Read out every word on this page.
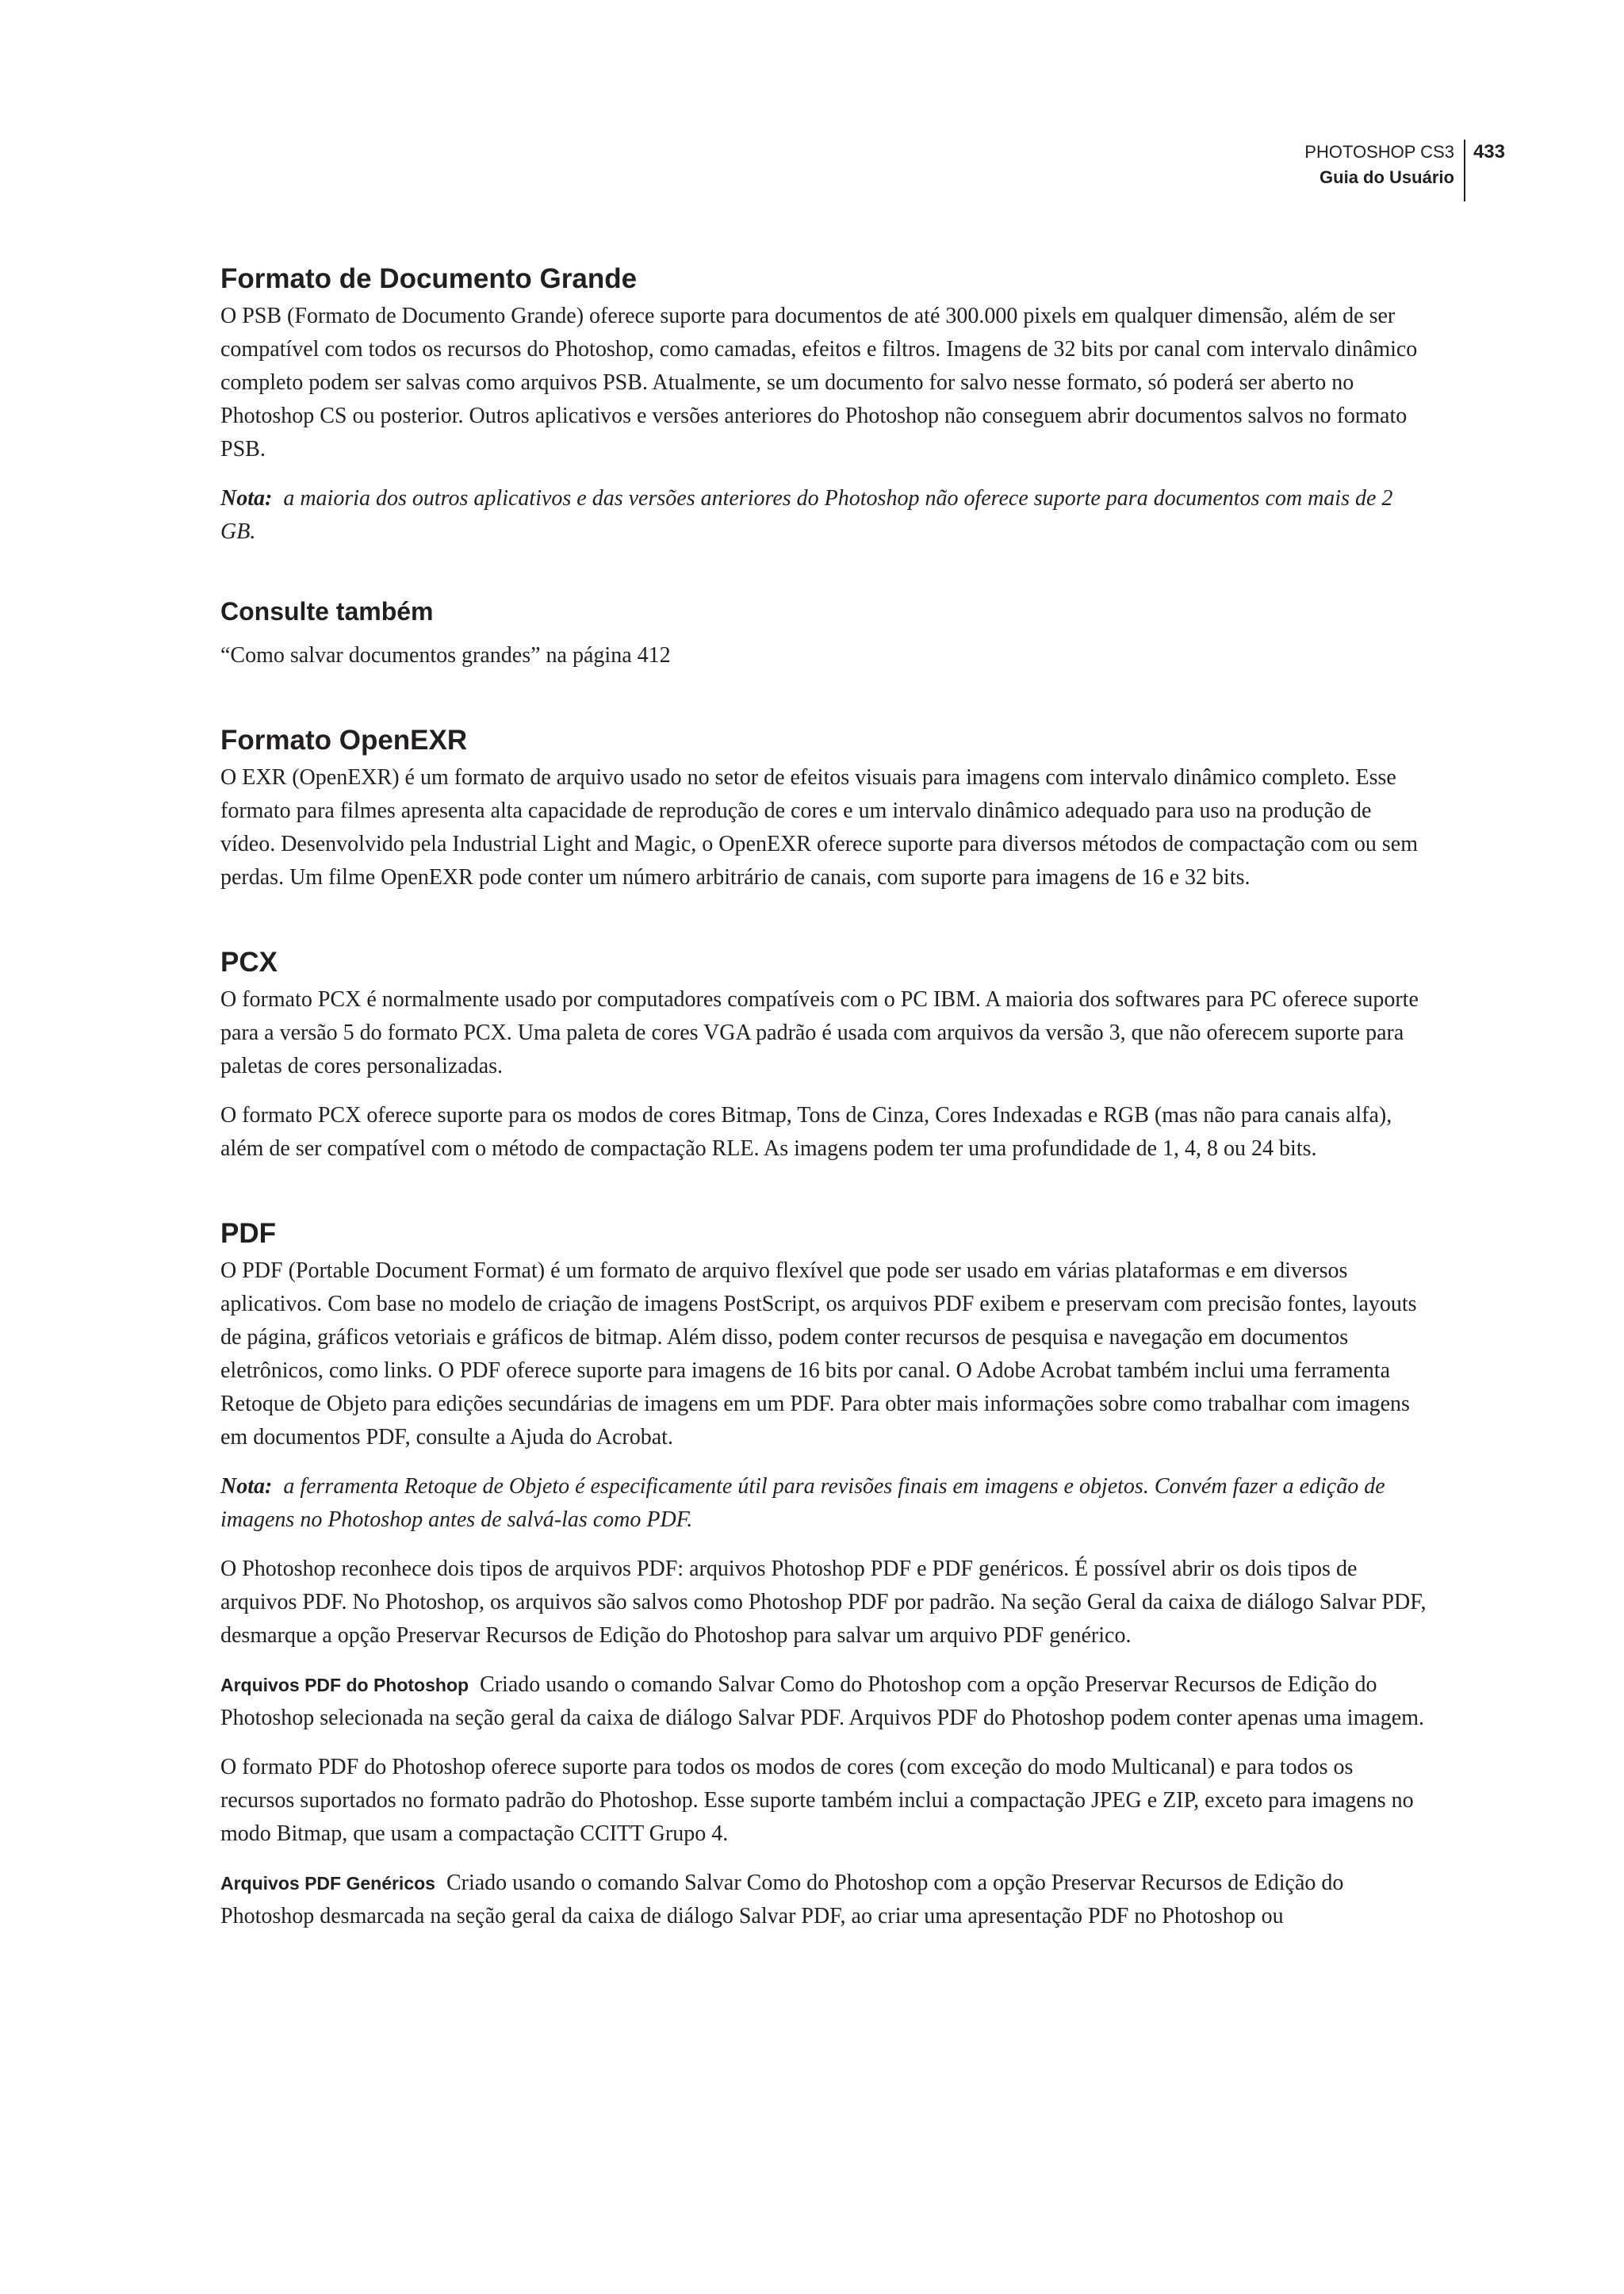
PHOTOSHOP CS3
Guia do Usuário
433
Formato de Documento Grande

O PSB (Formato de Documento Grande) oferece suporte para documentos de até 300.000 pixels em qualquer dimensão, além de ser compatível com todos os recursos do Photoshop, como camadas, efeitos e filtros. Imagens de 32 bits por canal com intervalo dinâmico completo podem ser salvas como arquivos PSB. Atualmente, se um documento for salvo nesse formato, só poderá ser aberto no Photoshop CS ou posterior. Outros aplicativos e versões anteriores do Photoshop não conseguem abrir documentos salvos no formato PSB.

Nota: a maioria dos outros aplicativos e das versões anteriores do Photoshop não oferece suporte para documentos com mais de 2 GB.

Consulte também

“Como salvar documentos grandes” na página 412

Formato OpenEXR

O EXR (OpenEXR) é um formato de arquivo usado no setor de efeitos visuais para imagens com intervalo dinâmico completo. Esse formato para filmes apresenta alta capacidade de reprodução de cores e um intervalo dinâmico adequado para uso na produção de vídeo. Desenvolvido pela Industrial Light and Magic, o OpenEXR oferece suporte para diversos métodos de compactação com ou sem perdas. Um filme OpenEXR pode conter um número arbitrário de canais, com suporte para imagens de 16 e 32 bits.

PCX

O formato PCX é normalmente usado por computadores compatíveis com o PC IBM. A maioria dos softwares para PC oferece suporte para a versão 5 do formato PCX. Uma paleta de cores VGA padrão é usada com arquivos da versão 3, que não oferecem suporte para paletas de cores personalizadas.

O formato PCX oferece suporte para os modos de cores Bitmap, Tons de Cinza, Cores Indexadas e RGB (mas não para canais alfa), além de ser compatível com o método de compactação RLE. As imagens podem ter uma profundidade de 1, 4, 8 ou 24 bits.

PDF

O PDF (Portable Document Format) é um formato de arquivo flexível que pode ser usado em várias plataformas e em diversos aplicativos. Com base no modelo de criação de imagens PostScript, os arquivos PDF exibem e preservam com precisão fontes, layouts de página, gráficos vetoriais e gráficos de bitmap. Além disso, podem conter recursos de pesquisa e navegação em documentos eletrônicos, como links. O PDF oferece suporte para imagens de 16 bits por canal. O Adobe Acrobat também inclui uma ferramenta Retoque de Objeto para edições secundárias de imagens em um PDF. Para obter mais informações sobre como trabalhar com imagens em documentos PDF, consulte a Ajuda do Acrobat.

Nota: a ferramenta Retoque de Objeto é especificamente útil para revisões finais em imagens e objetos. Convém fazer a edição de imagens no Photoshop antes de salvá-las como PDF.

O Photoshop reconhece dois tipos de arquivos PDF: arquivos Photoshop PDF e PDF genéricos. É possível abrir os dois tipos de arquivos PDF. No Photoshop, os arquivos são salvos como Photoshop PDF por padrão. Na seção Geral da caixa de diálogo Salvar PDF, desmarque a opção Preservar Recursos de Edição do Photoshop para salvar um arquivo PDF genérico.

Arquivos PDF do Photoshop Criado usando o comando Salvar Como do Photoshop com a opção Preservar Recursos de Edição do Photoshop selecionada na seção geral da caixa de diálogo Salvar PDF. Arquivos PDF do Photoshop podem conter apenas uma imagem.

O formato PDF do Photoshop oferece suporte para todos os modos de cores (com exceção do modo Multicanal) e para todos os recursos suportados no formato padrão do Photoshop. Esse suporte também inclui a compactação JPEG e ZIP, exceto para imagens no modo Bitmap, que usam a compactação CCITT Grupo 4.

Arquivos PDF Genéricos Criado usando o comando Salvar Como do Photoshop com a opção Preservar Recursos de Edição do Photoshop desmarcada na seção geral da caixa de diálogo Salvar PDF, ao criar uma apresentação PDF no Photoshop ou
